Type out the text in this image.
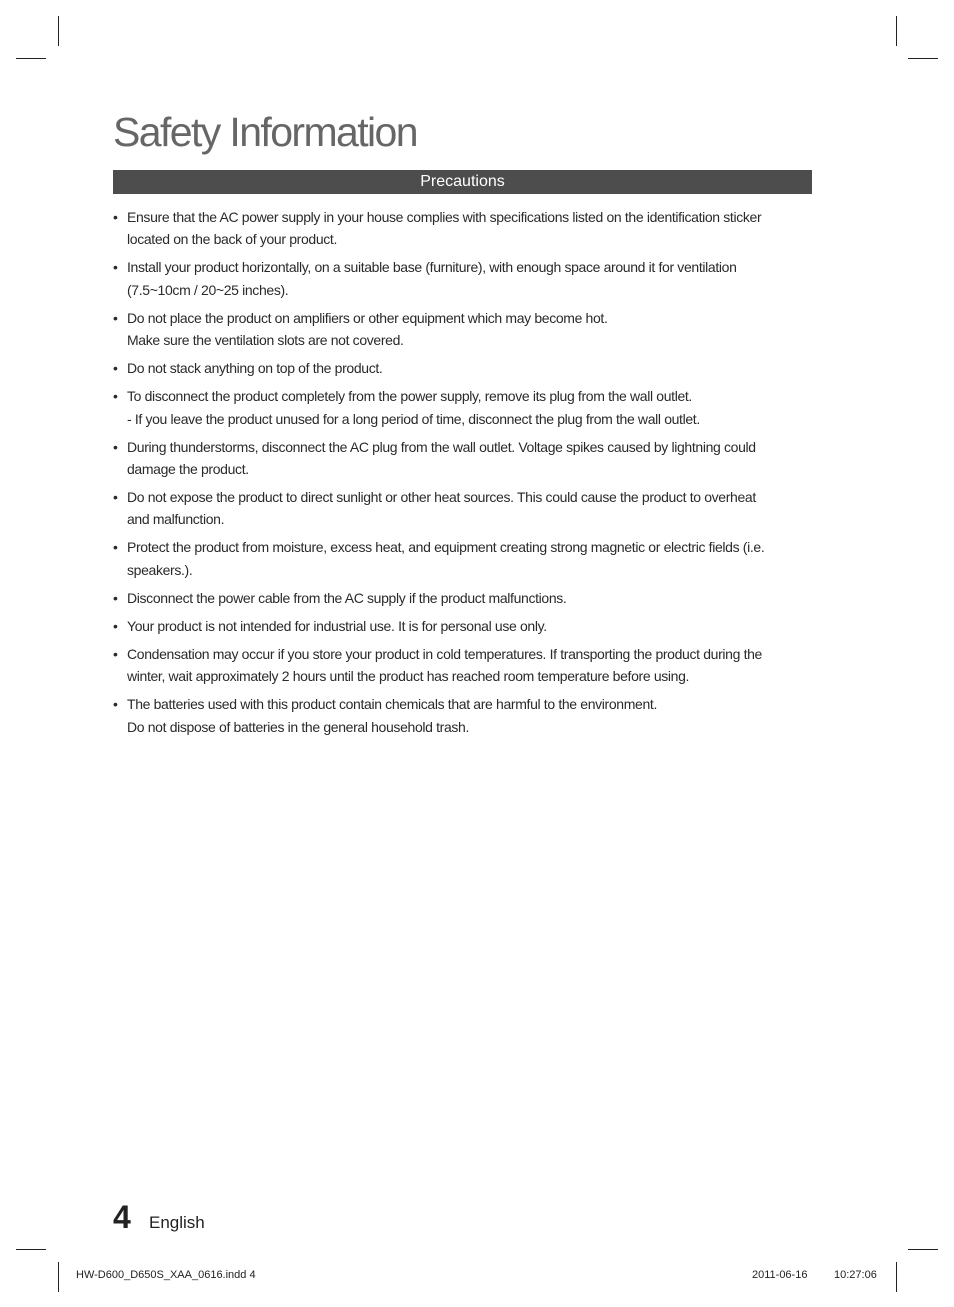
Safety Information
Precautions
• Ensure that the AC power supply in your house complies with specifications listed on the identification sticker
located on the back of your product.
• Install your product horizontally, on a suitable base (furniture), with enough space around it for ventilation
(7.5~10cm / 20~25 inches).
• Do not place the product on amplifiers or other equipment which may become hot.
Make sure the ventilation slots are not covered.
• Do not stack anything on top of the product.
• To disconnect the product completely from the power supply, remove its plug from the wall outlet.
- If you leave the product unused for a long period of time, disconnect the plug from the wall outlet.
• During thunderstorms, disconnect the AC plug from the wall outlet. Voltage spikes caused by lightning could
damage the product.
• Do not expose the product to direct sunlight or other heat sources. This could cause the product to overheat
and malfunction.
• Protect the product from moisture, excess heat, and equipment creating strong magnetic or electric fields (i.e.
speakers.).
• Disconnect the power cable from the AC supply if the product malfunctions.
• Your product is not intended for industrial use. It is for personal use only.
• Condensation may occur if you store your product in cold temperatures. If transporting the product during the
winter, wait approximately 2 hours until the product has reached room temperature before using.
• The batteries used with this product contain chemicals that are harmful to the environment.
Do not dispose of batteries in the general household trash.
4 English
HW-D600_D650S_XAA_0616.indd 4	2011-06-16 10:27:06
